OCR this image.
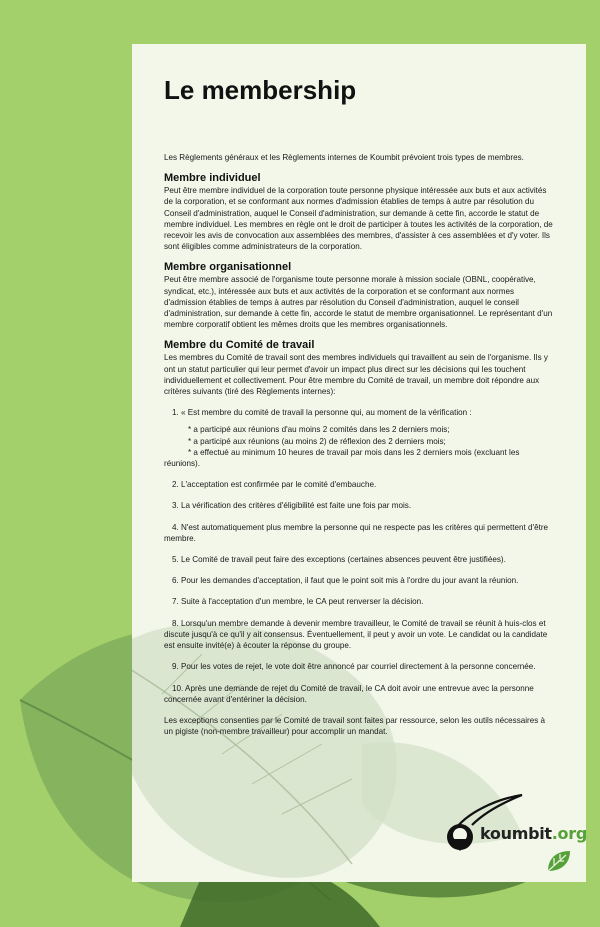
Le membership

Les Règlements généraux et les Règlements internes de Koumbit prévoient trois types de membres.

Membre individuel

Peut être membre individuel de la corporation toute personne physique intéressée aux buts et aux activités de la corporation, et se conformant aux normes d'admission établies de temps à autre par résolution du Conseil d'administration, auquel le Conseil d'administration, sur demande à cette fin, accorde le statut de membre individuel. Les membres en règle ont le droit de participer à toutes les activités de la corporation, de recevoir les avis de convocation aux assemblées des membres, d'assister à ces assemblées et d'y voter. Ils sont éligibles comme administrateurs de la corporation.

Membre organisationnel

Peut être membre associé de l'organisme toute personne morale à mission sociale (OBNL, coopérative, syndicat, etc.), intéressée aux buts et aux activités de la corporation et se conformant aux normes d'admission établies de temps à autres par résolution du Conseil d'administration, auquel le conseil d'administration, sur demande à cette fin, accorde le statut de membre organisationnel. Le représentant d'un membre corporatif obtient les mêmes droits que les membres organisationnels.

Membre du Comité de travail

Les membres du Comité de travail sont des membres individuels qui travaillent au sein de l'organisme. Ils y ont un statut particulier qui leur permet d'avoir un impact plus direct sur les décisions qui les touchent individuellement et collectivement. Pour être membre du Comité de travail, un membre doit répondre aux critères suivants (tiré des Règlements internes):

1. « Est membre du comité de travail la personne qui, au moment de la vérification :

* a participé aux réunions d'au moins 2 comités dans les 2 derniers mois;

* a participé aux réunions (au moins 2) de réflexion des 2 derniers mois;

* a effectué au minimum 10 heures de travail par mois dans les 2 derniers mois (excluant les réunions).

2. L'acceptation est confirmée par le comité d'embauche.

3. La vérification des critères d'éligibilité est faite une fois par mois.

4. N'est automatiquement plus membre la personne qui ne respecte pas les critères qui permettent d'être membre.

5. Le Comité de travail peut faire des exceptions (certaines absences peuvent être justifiées).

6. Pour les demandes d'acceptation, il faut que le point soit mis à l'ordre du jour avant la réunion.

7. Suite à l'acceptation d'un membre, le CA peut renverser la décision.

8. Lorsqu'un membre demande à devenir membre travailleur, le Comité de travail se réunit à huis-clos et discute jusqu'à ce qu'il y ait consensus. Éventuellement, il peut y avoir un vote. Le candidat ou la candidate est ensuite invité(e) à écouter la réponse du groupe.

9. Pour les votes de rejet, le vote doit être annoncé par courriel directement à la personne concernée.

10. Après une demande de rejet du Comité de travail, le CA doit avoir une entrevue avec la personne concernée avant d'entériner la décision.

Les exceptions consenties par le Comité de travail sont faites par ressource, selon les outils nécessaires à un pigiste (non-membre travailleur) pour accomplir un mandat.

koumbit.org
